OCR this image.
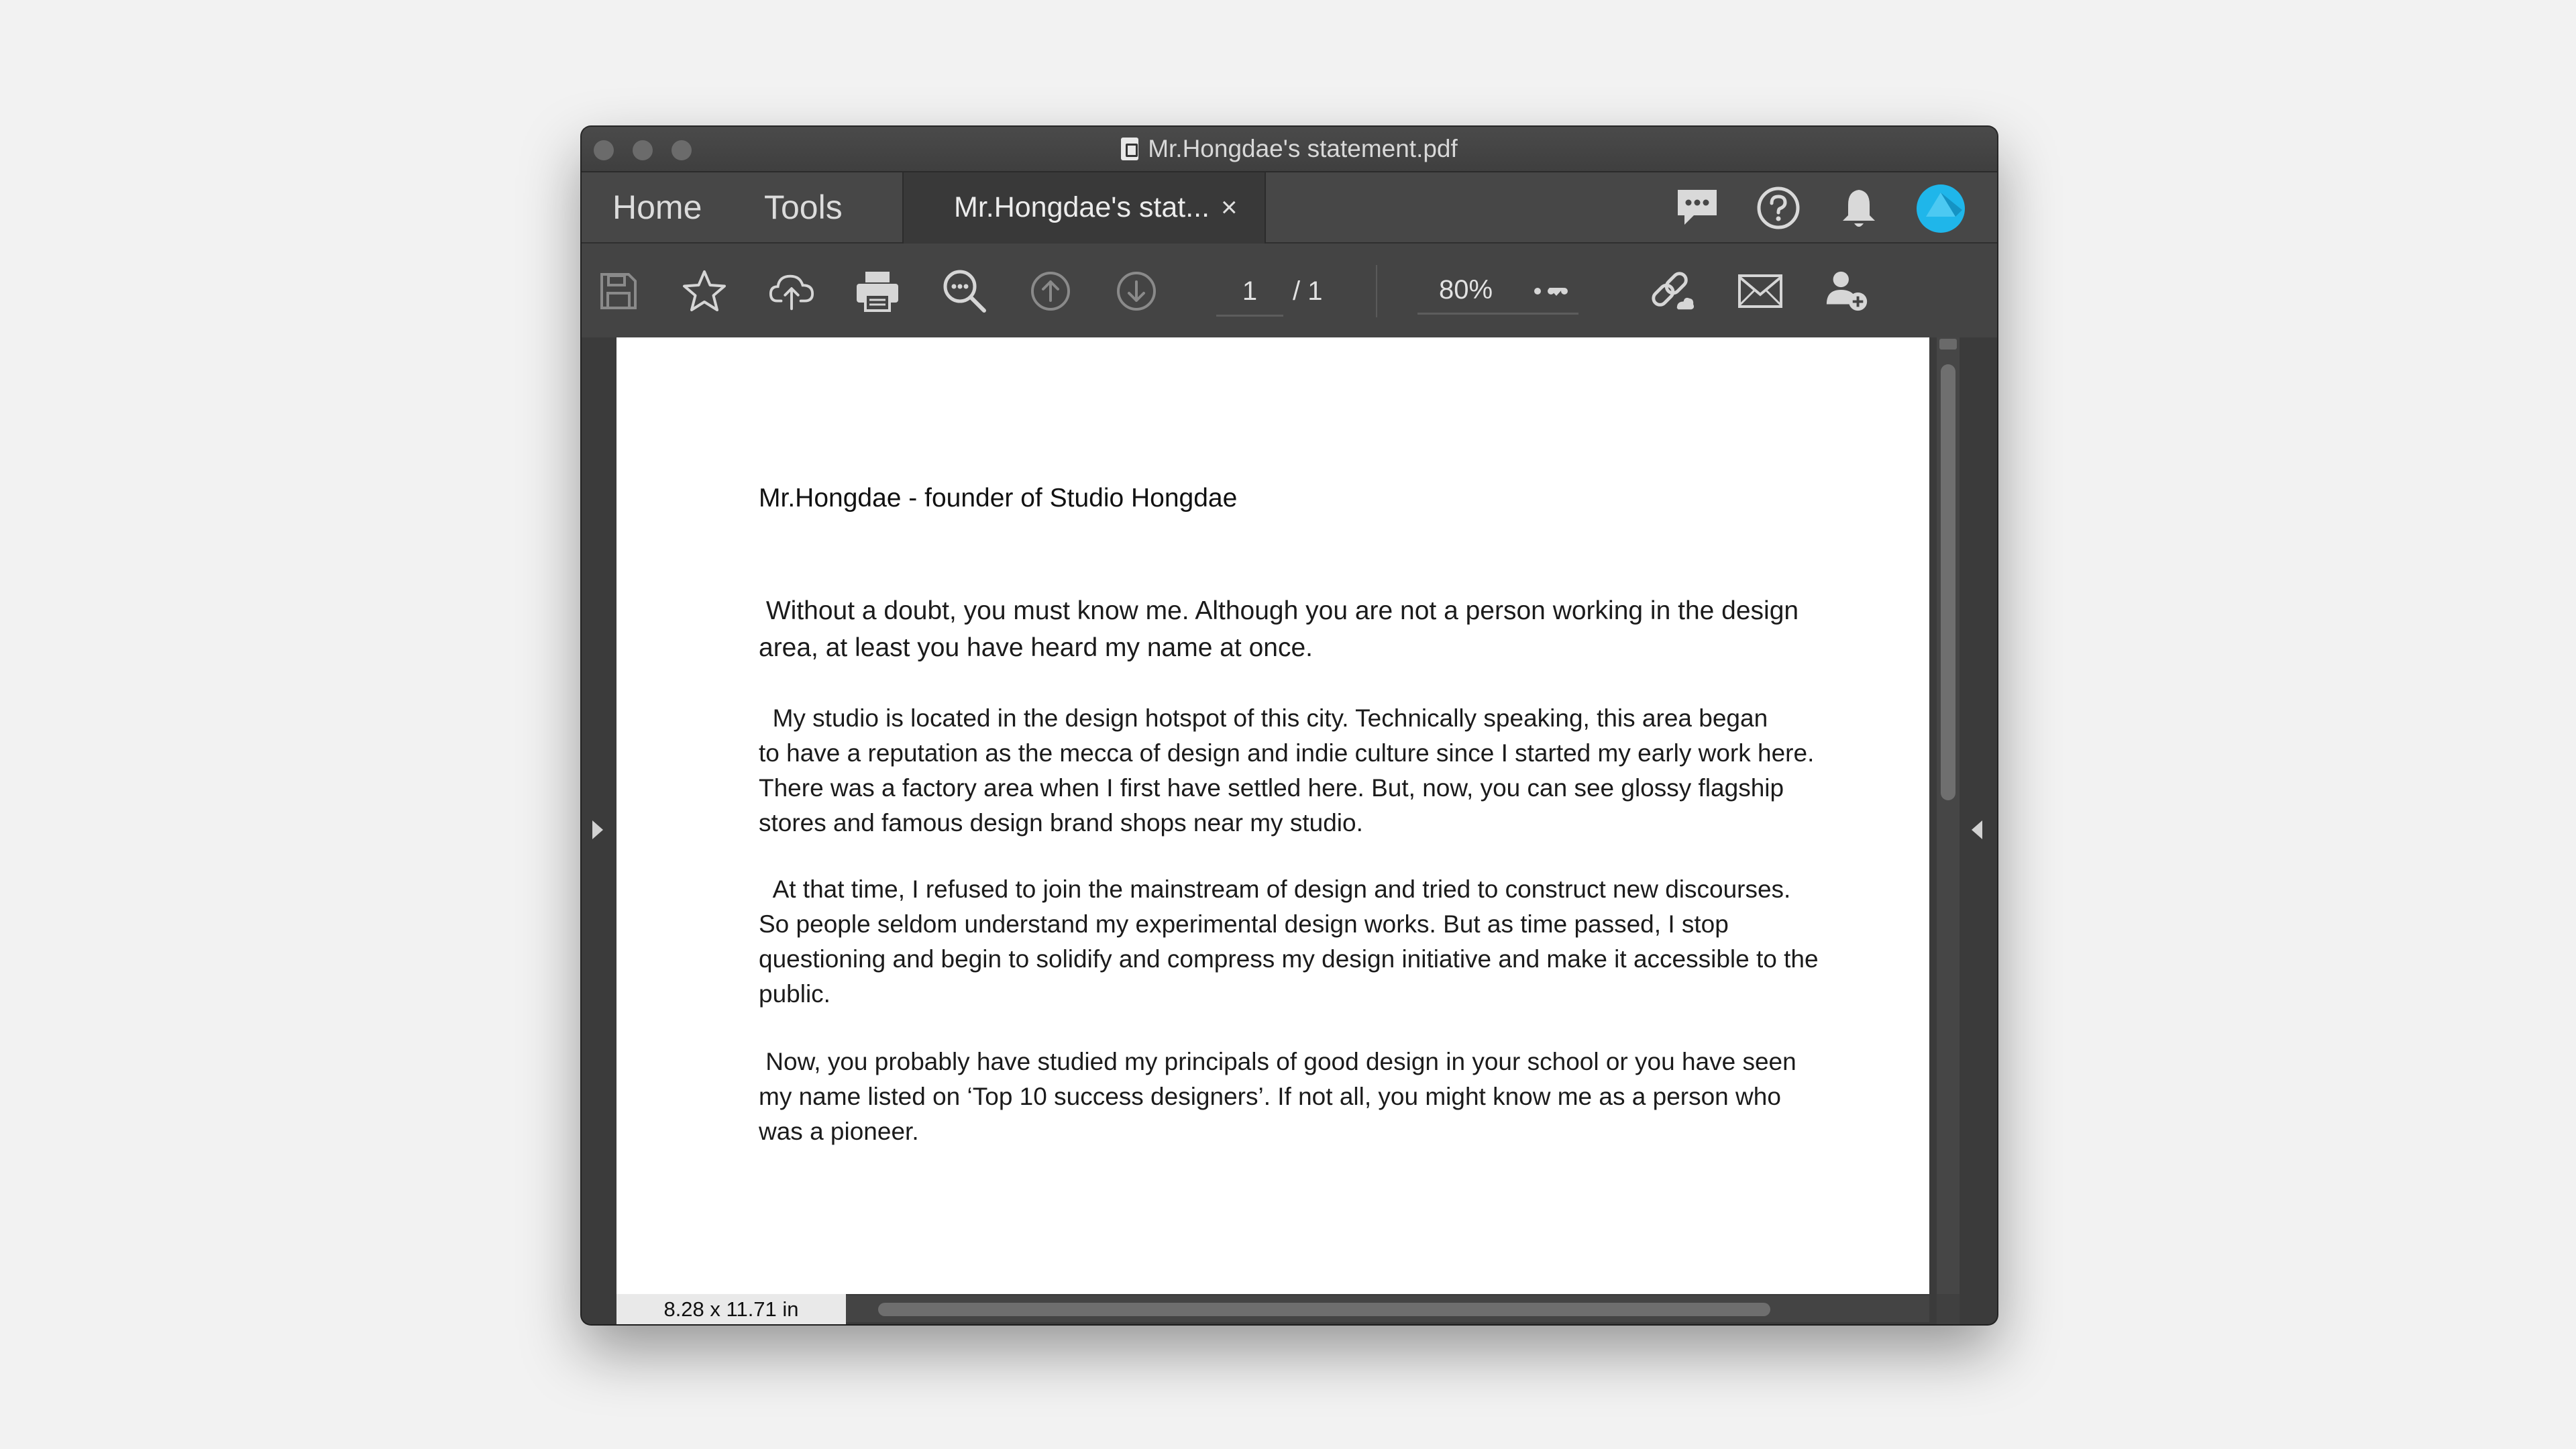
Mr.Hongdae's statement.pdf
Home Tools	Mr.Hongdae's stat... ×
1	/ 1	80%
Mr.Hongdae - founder of Studio Hongdae
Without a doubt, you must know me. Although you are not a person working in the design
area, at least you have heard my name at once.
My studio is located in the design hotspot of this city. Technically speaking, this area began
to have a reputation as the mecca of design and indie culture since I started my early work here.
There was a factory area when I first have settled here. But, now, you can see glossy flagship
stores and famous design brand shops near my studio.
At that time, I refused to join the mainstream of design and tried to construct new discourses.
So people seldom understand my experimental design works. But as time passed, I stop
questioning and begin to solidify and compress my design initiative and make it accessible to the
public.
Now, you probably have studied my principals of good design in your school or you have seen
my name listed on ‘Top 10 success designers’. If not all, you might know me as a person who
was a pioneer.
8.28 x 11.71 in
